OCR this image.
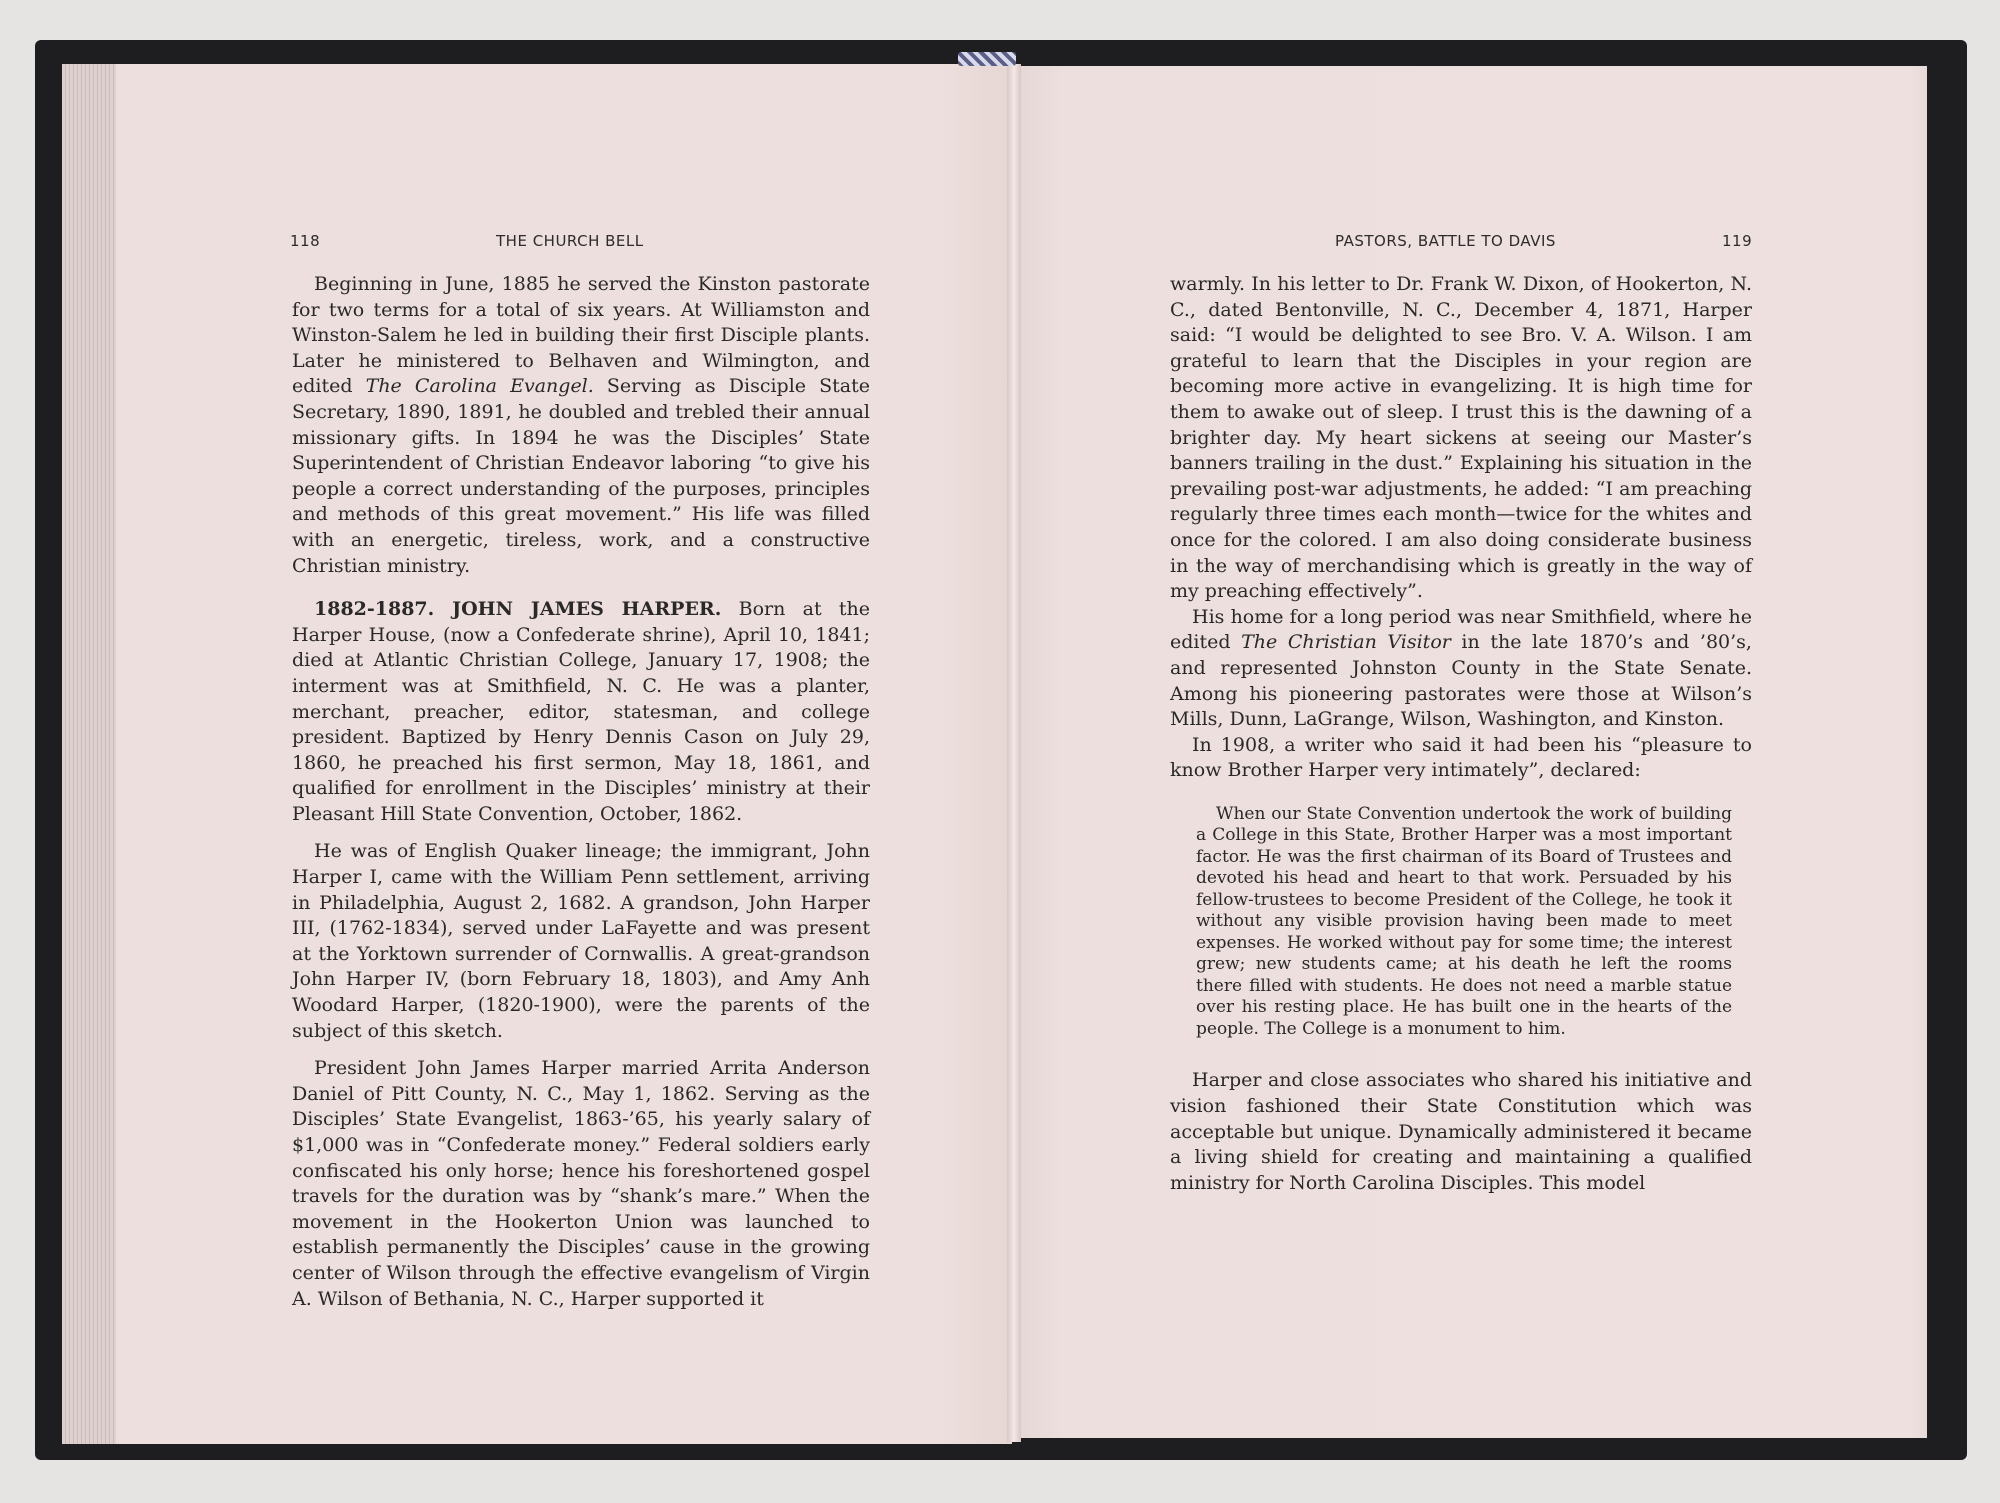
118	THE CHURCH BELL	PASTORS, BATTLE TO DAVIS	119

Beginning in June, 1885 he served the Kinston pastorate for two terms for a total of six years. At Williamston and Winston-Salem he led in building their first Disciple plants. Later he ministered to Belhaven and Wilmington, and edited The Carolina Evangel. Serving as Disciple State Secretary, 1890, 1891, he doubled and trebled their annual missionary gifts. In 1894 he was the Disciples’ State Superintendent of Christian Endeavor laboring “to give his people a correct understanding of the purposes, principles and methods of this great movement.” His life was filled with an energetic, tireless, work, and a constructive Christian ministry.

1882-1887. JOHN JAMES HARPER. Born at the Harper House, (now a Confederate shrine), April 10, 1841; died at Atlantic Christian College, January 17, 1908; the interment was at Smithfield, N. C. He was a planter, merchant, preacher, editor, statesman, and college president. Baptized by Henry Dennis Cason on July 29, 1860, he preached his first sermon, May 18, 1861, and qualified for enrollment in the Disciples’ ministry at their Pleasant Hill State Convention, October, 1862.

He was of English Quaker lineage; the immigrant, John Harper I, came with the William Penn settlement, arriving in Philadelphia, August 2, 1682. A grandson, John Harper III, (1762-1834), served under LaFayette and was present at the Yorktown surrender of Cornwallis. A great-grandson John Harper IV, (born February 18, 1803), and Amy Anh Woodard Harper, (1820-1900), were the parents of the subject of this sketch.

President John James Harper married Arrita Anderson Daniel of Pitt County, N. C., May 1, 1862. Serving as the Disciples’ State Evangelist, 1863-’65, his yearly salary of $1,000 was in “Confederate money.” Federal soldiers early confiscated his only horse; hence his foreshortened gospel travels for the duration was by “shank’s mare.” When the movement in the Hookerton Union was launched to establish permanently the Disciples’ cause in the growing center of Wilson through the effective evangelism of Virgin A. Wilson of Bethania, N. C., Harper supported it

warmly. In his letter to Dr. Frank W. Dixon, of Hookerton, N. C., dated Bentonville, N. C., December 4, 1871, Harper said: “I would be delighted to see Bro. V. A. Wilson. I am grateful to learn that the Disciples in your region are becoming more active in evangelizing. It is high time for them to awake out of sleep. I trust this is the dawning of a brighter day. My heart sickens at seeing our Master’s banners trailing in the dust.” Explaining his situation in the prevailing post-war adjustments, he added: “I am preaching regularly three times each month—twice for the whites and once for the colored. I am also doing considerate business in the way of merchandising which is greatly in the way of my preaching effectively”.

His home for a long period was near Smithfield, where he edited The Christian Visitor in the late 1870’s and ’80’s, and represented Johnston County in the State Senate. Among his pioneering pastorates were those at Wilson’s Mills, Dunn, LaGrange, Wilson, Washington, and Kinston.

In 1908, a writer who said it had been his “pleasure to know Brother Harper very intimately”, declared:

When our State Convention undertook the work of building a College in this State, Brother Harper was a most important factor. He was the first chairman of its Board of Trustees and devoted his head and heart to that work. Persuaded by his fellow-trustees to become President of the College, he took it without any visible provision having been made to meet expenses. He worked without pay for some time; the interest grew; new students came; at his death he left the rooms there filled with students. He does not need a marble statue over his resting place. He has built one in the hearts of the people. The College is a monument to him.

Harper and close associates who shared his initiative and vision fashioned their State Constitution which was acceptable but unique. Dynamically administered it became a living shield for creating and maintaining a qualified ministry for North Carolina Disciples. This model
